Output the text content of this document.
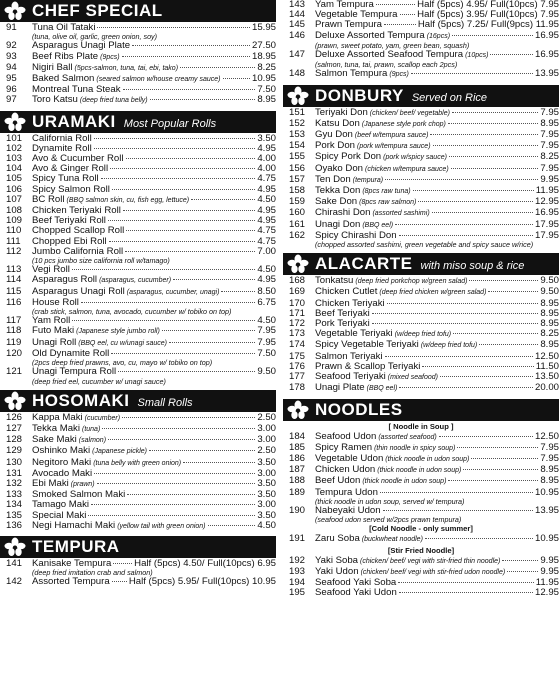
CHEF SPECIAL
91	Tuna Oil Tataki	15.95
(tuna, olive oil, garlic, green onion, soy)
92	Asparagus Unagi Plate	27.50
93	Beef Ribs Plate (9pcs)	18.95
94	Nigiri Ball (5pcs-salmon, tuna, tai, ebi, tako)	8.25
95	Baked Salmon (seared salmon w/house creamy sauce)	10.95
96	Montreal Tuna Steak	7.50
97	Toro Katsu (deep fried tuna belly)	8.95
URAMAKI Most Popular Rolls
101	California Roll	3.50
102	Dynamite Roll	4.95
103	Avo & Cucumber Roll	4.00
104	Avo & Ginger Roll	4.00
105	Spicy Tuna Roll	4.75
106	Spicy Salmon Roll	4.95
107	BC Roll (BBQ salmon skin, cu, fish egg, lettuce)	4.50
108	Chicken Teriyaki Roll	4.95
109	Beef Teriyaki Roll	4.95
110	Chopped Scallop Roll	4.75
111	Chopped Ebi Roll	4.75
112	Jumbo California Roll	7.00
(10 pcs jumbo size california roll w/tamago)
113	Vegi Roll	4.50
114	Asparagus Roll (asparagus, cucumber)	4.95
115	Asparagus Unagi Roll (asparagus, cucumber, unagi)	8.50
116	House Roll	6.75
(crab stick, salmon, tuna, avocado, cucumber w/ tobiko on top)
117	Yam Roll	4.50
118	Futo Maki (Japanese style jumbo roll)	7.95
119	Unagi Roll (BBQ eel, cu w/unagi sauce)	7.95
120	Old Dynamite Roll	7.50
(2pcs deep fried prawns, avo, cu, mayo w/ tobiko on top)
121	Unagi Tempura Roll	9.50
(deep fried eel, cucumber w/ unagi sauce)
HOSOMAKI Small Rolls
126	Kappa Maki (cucumber)	2.50
127	Tekka Maki (tuna)	3.00
128	Sake Maki (salmon)	3.00
129	Oshinko Maki (Japanese pickle)	2.50
130	Negitoro Maki (tuna belly with green onion)	3.50
131	Avocado Maki	3.00
132	Ebi Maki (prawn)	3.50
133	Smoked Salmon Maki	3.50
134	Tamago Maki	3.00
135	Special Maki	3.50
136	Negi Hamachi Maki (yellow tail with green onion)	4.50
TEMPURA
141	Kanisake Tempura Half (5pcs) 4.50/ Full(10pcs) 6.95
(deep fried imitation crab and salmon)
142	Assorted Tempura Half (5pcs) 5.95/ Full(10pcs) 10.95
143	Yam Tempura	Half (5pcs) 4.95/ Full(10pcs) 7.95
144	Vegetable Tempura Half (5pcs) 3.95/ Full(10pcs) 7.95
145	Prawn Tempura	Half (5pcs) 7.25/ Full(9pcs) 11.95
146	Deluxe Assorted Tempura (16pcs)	16.95
(prawn, sweet potato, yam, green bean, squash)
147	Deluxe Assorted Seafood Tempura (10pcs)	16.95
(salmon, tuna, tai, prawn, scallop each 2pcs)
148	Salmon Tempura (9pcs)	13.95
DONBURY Served on Rice
151	Teriyaki Don (chicken/ beef/ vegetable)	7.95
152	Katsu Don (Japanese style pork chop)	8.95
153	Gyu Don (beef w/tempura sauce)	7.95
154	Pork Don (pork w/tempura sauce)	7.95
155	Spicy Pork Don (pork w/spicy sauce)	8.25
156	Oyako Don (chicken w/tempura sauce)	7.95
157	Ten Don (tempura)	9.95
158	Tekka Don (8pcs raw tuna)	11.95
159	Sake Don (8pcs raw salmon)	12.95
160	Chirashi Don (assorted sashimi)	16.95
161	Unagi Don (BBQ eel)	17.95
162	Spicy Chirashi Don	17.95
(chopped assorted sashimi, green vegetable and spicy sauce w/rice)
ALACARTE with miso soup & rice
168	Tonkatsu (deep fried porkchop w/green salad)	9.50
169	Chicken Cutlet (deep fried chicken w/green salad)	9.50
170	Chicken Teriyaki	8.95
171	Beef Teriyaki	8.95
172	Pork Teriyaki	8.95
173	Vegetable Teriyaki (w/deep fried tofu)	8.25
174	Spicy Vegetable Teriyaki (w/deep fried tofu)	8.95
175	Salmon Teriyaki	12.50
176	Prawn & Scallop Teriyaki	11.50
177	Seafood Teriyaki (mixed seafood)	13.50
178	Unagi Plate (BBQ eel)	20.00
NOODLES
[ Noodle in Soup ]
184	Seafood Udon (assorted seafood)	12.50
185	Spicy Ramen (thin noodle in spicy soup)	7.95
186	Vegetable Udon (thick noodle in udon soup)	7.95
187	Chicken Udon (thick noodle in udon soup)	8.95
188	Beef Udon (thick noodle in udon soup)	8.95
189	Tempura Udon	10.95
(thick noodle in udon soup, served w/ tempura)
190	Nabeyaki Udon	13.95
(seafood udon served w/2pcs prawn tempura)
[Cold Noodle - only summer]
191	Zaru Soba (buckwheat noodle)	10.95
[Stir Fried Noodle]
192	Yaki Soba (chicken/ beef/ vegi with stir-fried thin noodle)	9.95
193	Yaki Udon (chicken/ beef/ vegi with stir-fried udon noodle)	9.95
194	Seafood Yaki Soba	11.95
195	Seafood Yaki Udon	12.95
